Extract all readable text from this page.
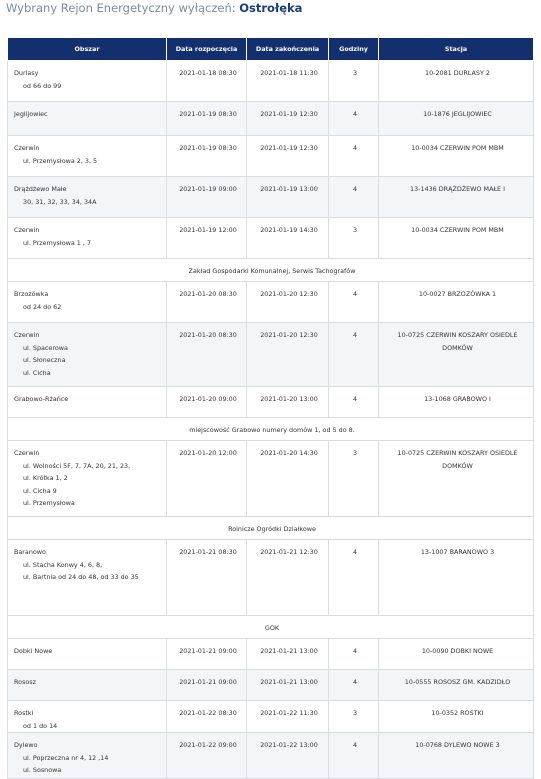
Wybrany Rejon Energetyczny wyłączeń: Ostrołęka
Obszar	Data rozpoczęcia	Data zakończenia	Godziny	Stacja

Durlasy
od 66 do 99	2021-01-18 08:30	2021-01-18 11:30	3	10-2081 DURLASY 2

Jeglijowiec	2021-01-19 08:30	2021-01-19 12:30	4	10-1876 JEGLIJOWIEC

Czerwin
ul. Przemysłowa 2, 3, 5	2021-01-19 08:30	2021-01-19 12:30	4	10-0034 CZERWIN POM MBM

Drążdżewo Małe
30, 31, 32, 33, 34, 34A	2021-01-19 09:00	2021-01-19 13:00	4	13-1436 DRĄŻDŻEWO MAŁE I

Czerwin
ul. Przemysłowa 1 , 7	2021-01-19 12:00	2021-01-19 14:30	3	10-0034 CZERWIN POM MBM
Zakład Gospodarki Komunalnej, Serwis Tachografów				

Brzozówka
od 24 do 62	2021-01-20 08:30	2021-01-20 12:30	4	10-0027 BRZOZÓWKA 1

Czerwin
ul. Spacerowa
ul. Słoneczna
ul. Cicha	2021-01-20 08:30	2021-01-20 12:30	4	10-0725 CZERWIN KOSZARY OSIEDLE DOMKÓW

Grabowo-Rżańce	2021-01-20 09:00	2021-01-20 13:00	4	13-1068 GRABOWO I
miejscowość Grabowo numery domów 1, od 5 do 8.				

Czerwin
ul. Wolności 5F, 7, 7A, 20, 21, 23,
ul. Krótka 1, 2
ul. Cicha 9
ul. Przemysłowa	2021-01-20 12:00	2021-01-20 14:30	3	10-0725 CZERWIN KOSZARY OSIEDLE DOMKÓW
Rolnicze Ogródki Działkowe				

Baranowo
ul. Stacha Konwy 4, 6, 8,
ul. Bartnia od 24 do 48, od 33 do 35	2021-01-21 08:30	2021-01-21 12:30	4	13-1007 BARANOWO 3
GOK				

Dobki Nowe	2021-01-21 09:00	2021-01-21 13:00	4	10-0090 DOBKI NOWE

Rososz	2021-01-21 09:00	2021-01-21 13:00	4	10-0555 ROSOSZ GM. KADZIDŁO

Rostki
od 1 do 14	2021-01-22 08:30	2021-01-22 11:30	3	10-0352 ROSTKI

Dylewo
ul. Poprzeczna nr 4, 12 ,14
ul. Sosnowa	2021-01-22 09:00	2021-01-22 13:00	4	10-0768 DYLEWO NOWE 3
